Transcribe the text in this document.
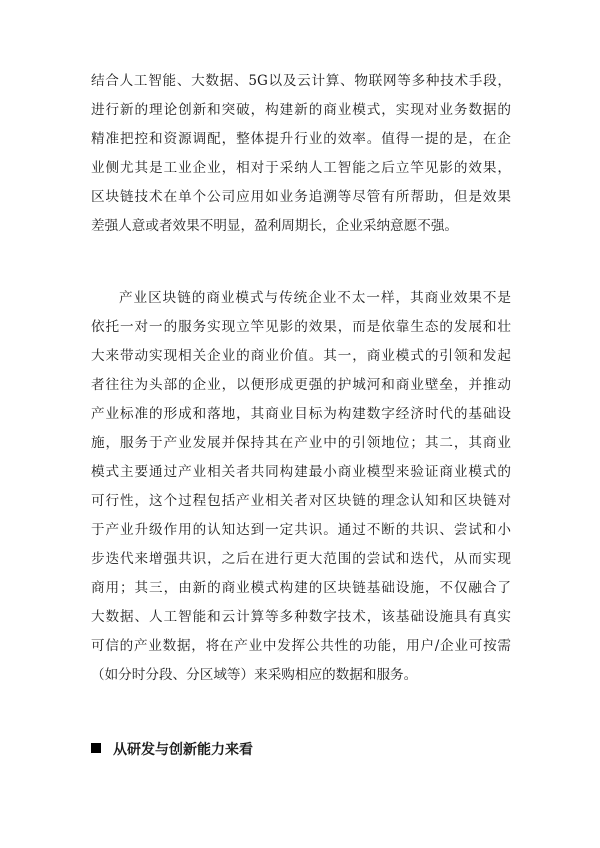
结合人工智能、大数据、5G以及云计算、物联网等多种技术手段，
进行新的理论创新和突破，构建新的商业模式，实现对业务数据的
精准把控和资源调配，整体提升行业的效率。值得一提的是，在企
业侧尤其是工业企业，相对于采纳人工智能之后立竿见影的效果，
区块链技术在单个公司应用如业务追溯等尽管有所帮助，但是效果
差强人意或者效果不明显，盈利周期长，企业采纳意愿不强。
产业区块链的商业模式与传统企业不太一样，其商业效果不是
依托一对一的服务实现立竿见影的效果，而是依靠生态的发展和壮
大来带动实现相关企业的商业价值。其一，商业模式的引领和发起
者往往为头部的企业，以便形成更强的护城河和商业壁垒，并推动
产业标准的形成和落地，其商业目标为构建数字经济时代的基础设
施，服务于产业发展并保持其在产业中的引领地位；其二，其商业
模式主要通过产业相关者共同构建最小商业模型来验证商业模式的
可行性，这个过程包括产业相关者对区块链的理念认知和区块链对
于产业升级作用的认知达到一定共识。通过不断的共识、尝试和小
步迭代来增强共识，之后在进行更大范围的尝试和迭代，从而实现
商用；其三，由新的商业模式构建的区块链基础设施，不仅融合了
大数据、人工智能和云计算等多种数字技术，该基础设施具有真实
可信的产业数据，将在产业中发挥公共性的功能，用户/企业可按需
（如分时分段、分区域等）来采购相应的数据和服务。
从研发与创新能力来看
